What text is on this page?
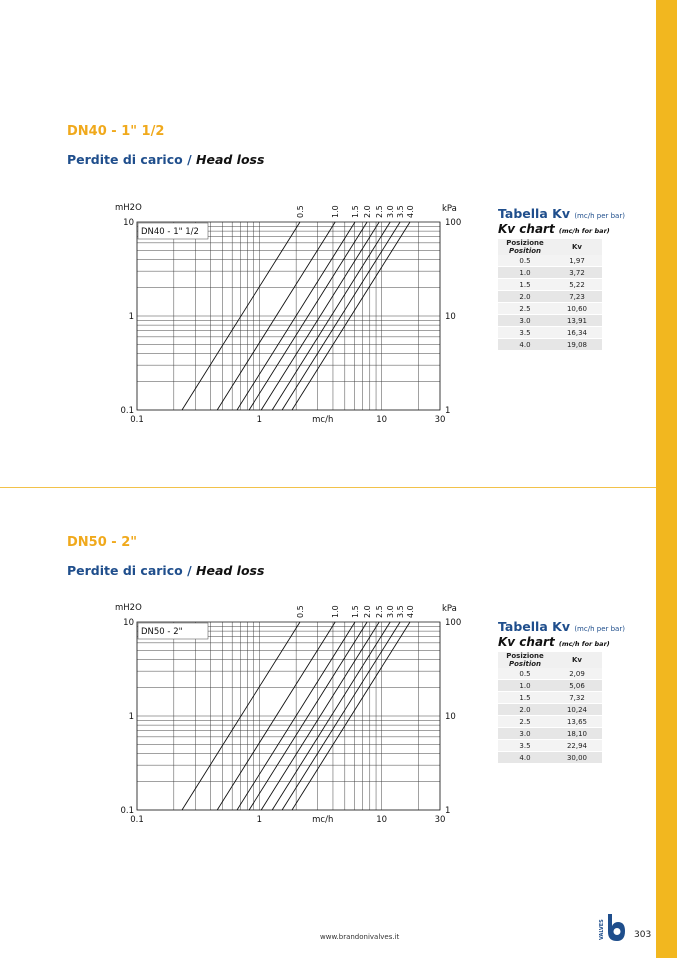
DN40 - 1" 1/2
Perdite di carico / Head loss
DN40 - 1" 1/2
0.5	1.0 1.5 2.0 2.5 3.0 3.5 4.0
mH2O	kPa
10
1
0.1
100
10
1
0.1	1	10	30
mc/h
Tabella Kv (mc/h per bar)
Kv chart (mc/h for bar)
Posizione
Position	Kv
0.5	1,97
1.0	3,72
1.5	5,22
2.0	7,23
2.5	10,60
3.0	13,91
3.5	16,34
4.0	19,08
DN50 - 2"
Perdite di carico / Head loss
DN50 - 2"
0.5	1.0 1.5 2.0 2.5 3.0 3.5 4.0
mH2O	kPa
10
1
0.1
100
10
1
0.1	1	10	30
mc/h
Tabella Kv (mc/h per bar)
Kv chart (mc/h for bar)
Posizione
Position	Kv
0.5	2,09
1.0	5,06
1.5	7,32
2.0	10,24
2.5	13,65
3.0	18,10
3.5	22,94
4.0	30,00
www.brandonivalves.it	VALVES	303
